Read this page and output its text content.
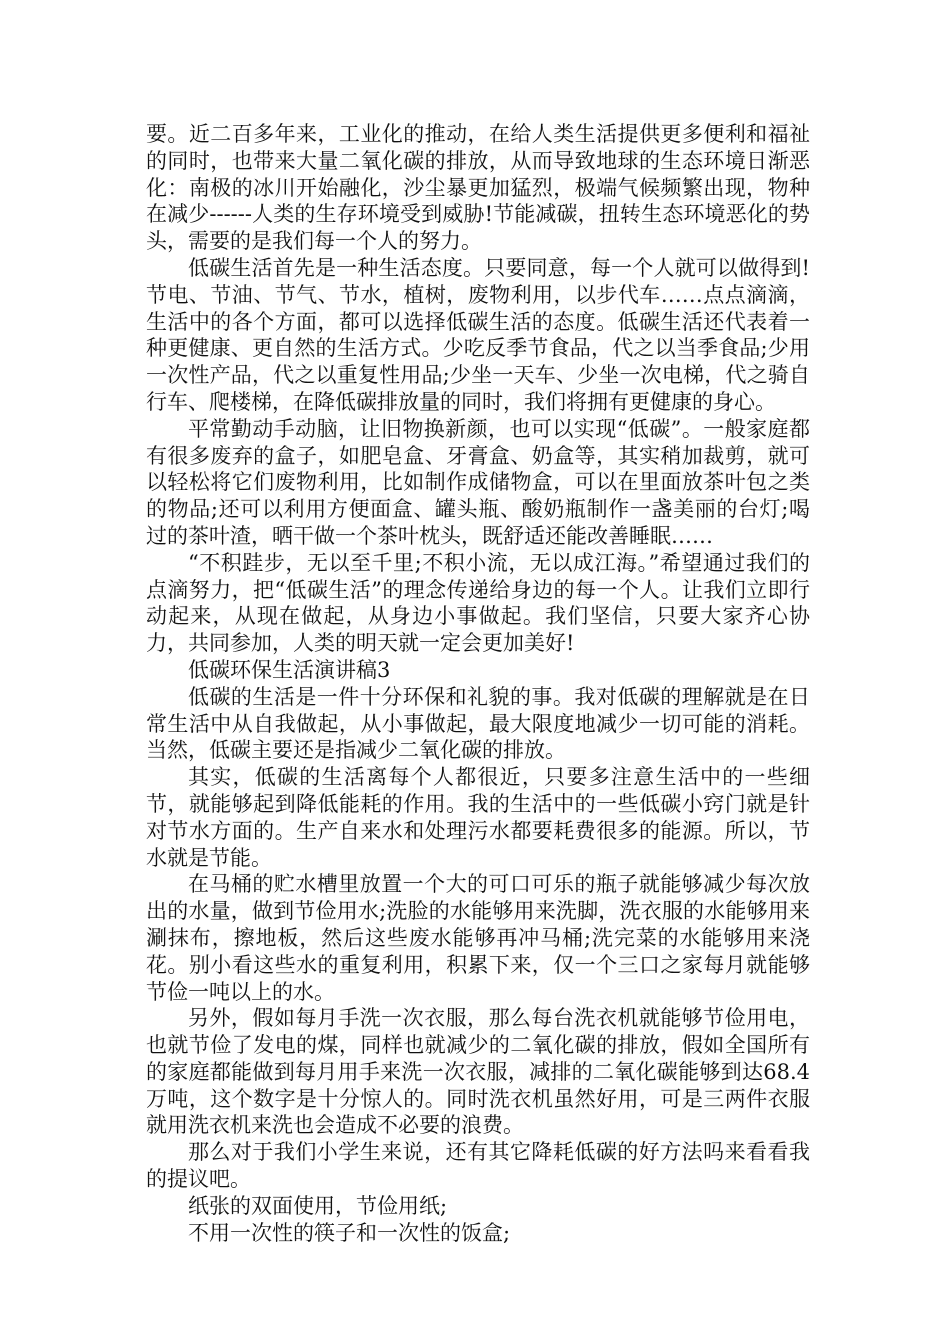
要。近二百多年来，工业化的推动，在给人类生活提供更多便利和福祉的同时，也带来大量二氧化碳的排放，从而导致地球的生态环境日渐恶化：南极的冰川开始融化，沙尘暴更加猛烈，极端气候频繁出现，物种在减少------人类的生存环境受到威胁!节能减碳，扭转生态环境恶化的势头，需要的是我们每一个人的努力。

低碳生活首先是一种生活态度。只要同意，每一个人就可以做得到!节电、节油、节气、节水，植树，废物利用，以步代车……点点滴滴，生活中的各个方面，都可以选择低碳生活的态度。低碳生活还代表着一种更健康、更自然的生活方式。少吃反季节食品，代之以当季食品;少用一次性产品，代之以重复性用品;少坐一天车、少坐一次电梯，代之骑自行车、爬楼梯，在降低碳排放量的同时，我们将拥有更健康的身心。

平常勤动手动脑，让旧物换新颜，也可以实现“低碳”。一般家庭都有很多废弃的盒子，如肥皂盒、牙膏盒、奶盒等，其实稍加裁剪，就可以轻松将它们废物利用，比如制作成储物盒，可以在里面放茶叶包之类的物品;还可以利用方便面盒、罐头瓶、酸奶瓶制作一盏美丽的台灯;喝过的茶叶渣，晒干做一个茶叶枕头，既舒适还能改善睡眠……

“不积跬步，无以至千里;不积小流，无以成江海。”希望通过我们的点滴努力，把“低碳生活”的理念传递给身边的每一个人。让我们立即行动起来，从现在做起，从身边小事做起。我们坚信，只要大家齐心协力，共同参加，人类的明天就一定会更加美好!

低碳环保生活演讲稿3

低碳的生活是一件十分环保和礼貌的事。我对低碳的理解就是在日常生活中从自我做起，从小事做起，最大限度地减少一切可能的消耗。当然，低碳主要还是指减少二氧化碳的排放。

其实，低碳的生活离每个人都很近，只要多注意生活中的一些细节，就能够起到降低能耗的作用。我的生活中的一些低碳小窍门就是针对节水方面的。生产自来水和处理污水都要耗费很多的能源。所以，节水就是节能。

在马桶的贮水槽里放置一个大的可口可乐的瓶子就能够减少每次放出的水量，做到节俭用水;洗脸的水能够用来洗脚，洗衣服的水能够用来涮抹布，擦地板，然后这些废水能够再冲马桶;洗完菜的水能够用来浇花。别小看这些水的重复利用，积累下来，仅一个三口之家每月就能够节俭一吨以上的水。

另外，假如每月手洗一次衣服，那么每台洗衣机就能够节俭用电，也就节俭了发电的煤，同样也就减少的二氧化碳的排放，假如全国所有的家庭都能做到每月用手来洗一次衣服，减排的二氧化碳能够到达68.4万吨，这个数字是十分惊人的。同时洗衣机虽然好用，可是三两件衣服就用洗衣机来洗也会造成不必要的浪费。

那么对于我们小学生来说，还有其它降耗低碳的好方法吗来看看我的提议吧。

纸张的双面使用，节俭用纸;

不用一次性的筷子和一次性的饭盒;
